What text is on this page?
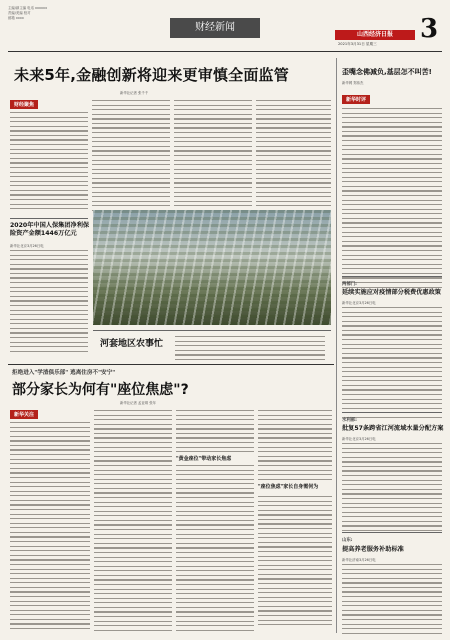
主编/副主编 电话 xxxxxx
责编/美编 校对
邮箱 xxxx
财经新闻
山西经济日报
2021年3月31日 星期三 3
未来5年,金融创新将迎来更审慎全面监管
新华社记者 张千千
财经聚焦
歪嘴念佛减负,基层怎不叫苦!
新华网 郑伟杰
新华时评
2020年中国人保集团净利保险资产金额1446万亿元
新华社北京3月26日电
河套地区农事忙
拒绝进入"学渣俱乐部" 逃离住房不"安宁"
部分家长为何有"座位焦虑"?
新华社记者 孟亚琪 张年
新华关注
"黄金座位"带动家长焦虑
"座位焦虑"家长自身需何为
两部门:
延续实施应对疫情部分税费优惠政策
新华社北京3月26日电
水利部:
批复57条跨省江河流域水量分配方案
新华社北京3月26日电
山东:
提高养老服务补助标准
新华社济南3月26日电
